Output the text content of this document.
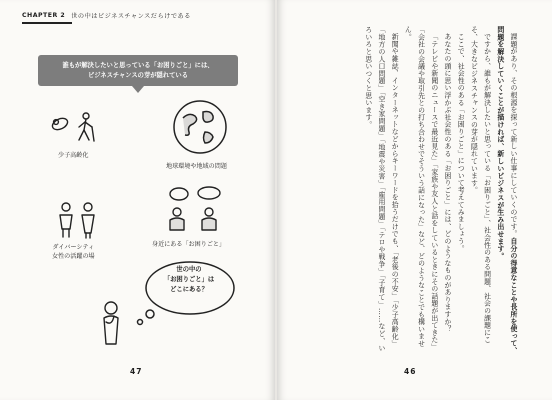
CHAPTER 2 世の中はビジネスチャンスだらけである
誰もが解決したいと思っている「お困りごと」には、
ビジネスチャンスの芽が隠れている
少子高齢化
地球環境や地域の問題
ダイバーシティ
女性の活躍の場
身近にある「お困りごと」
世の中の
「お困りごと」は
どこにある？
47

課題があり、その根源を探って新しい仕事にしていくのです。自分の得意なことや長所を使って、問題を解決していくことが描ければ、新しいビジネスが生み出せます。

ですから、誰もが解決したいと思っている「お困りごと」、社会性のある問題、社会の課題にこそ、大きなビジネスチャンスの芽が隠れています。

ここで、社会性のある「お困りごと」について考えてみましょう。

あなたの頭に思い浮かぶ社会性のある「お困りごと」には、どのようなものがありますか？

「テレビや新聞のニュースで最近見た」「家族や友人と話をしているときにその話題が出てきた」「会社の会議や取引先との打ち合わせでそういう話になった」など、どのようなことでも構いません。

新聞や雑誌、インターネットなどからキーワードを拾うだけでも、「老後の不安」「少子高齢化」「地方の人口問題」「空き家問題」「地震や災害」「雇用問題」「テロや戦争」「子育て」……など、いろいろと思いつくと思います。

46
